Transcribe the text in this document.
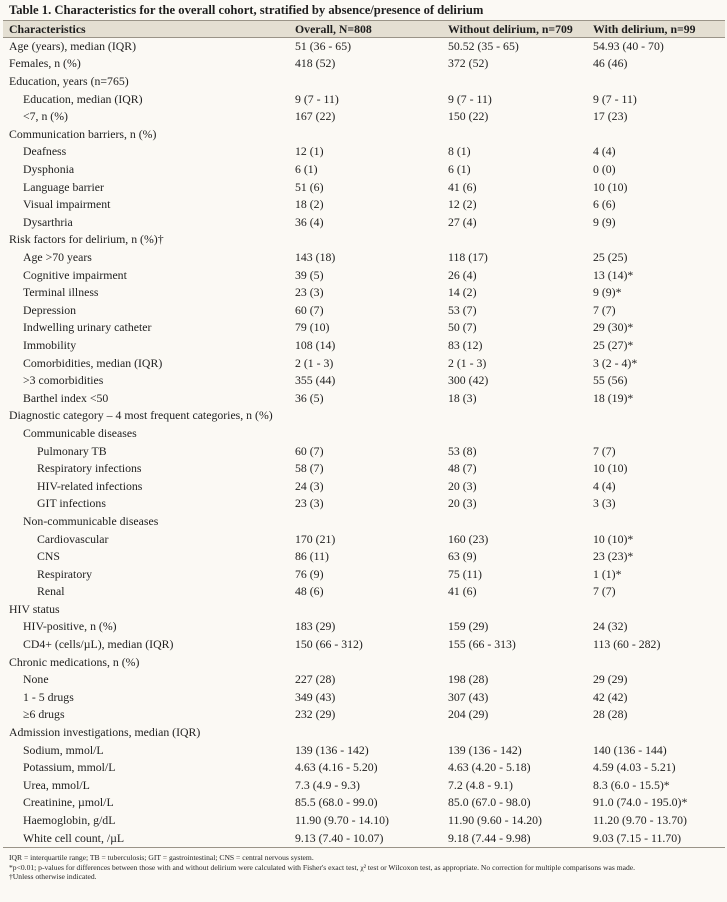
Table 1. Characteristics for the overall cohort, stratified by absence/presence of delirium
Characteristics	Overall, N=808	Without delirium, n=709	With delirium, n=99
Age (years), median (IQR)	51 (36 - 65)	50.52 (35 - 65)	54.93 (40 - 70)
Females, n (%)	418 (52)	372 (52)	46 (46)
Education, years (n=765)			
Education, median (IQR)	9 (7 - 11)	9 (7 - 11)	9 (7 - 11)
<7, n (%)	167 (22)	150 (22)	17 (23)
Communication barriers, n (%)			
Deafness	12 (1)	8 (1)	4 (4)
Dysphonia	6 (1)	6 (1)	0 (0)
Language barrier	51 (6)	41 (6)	10 (10)
Visual impairment	18 (2)	12 (2)	6 (6)
Dysarthria	36 (4)	27 (4)	9 (9)
Risk factors for delirium, n (%)†			
Age >70 years	143 (18)	118 (17)	25 (25)
Cognitive impairment	39 (5)	26 (4)	13 (14)*
Terminal illness	23 (3)	14 (2)	9 (9)*
Depression	60 (7)	53 (7)	7 (7)
Indwelling urinary catheter	79 (10)	50 (7)	29 (30)*
Immobility	108 (14)	83 (12)	25 (27)*
Comorbidities, median (IQR)	2 (1 - 3)	2 (1 - 3)	3 (2 - 4)*
>3 comorbidities	355 (44)	300 (42)	55 (56)
Barthel index <50	36 (5)	18 (3)	18 (19)*
Diagnostic category – 4 most frequent categories, n (%)			
Communicable diseases			
Pulmonary TB	60 (7)	53 (8)	7 (7)
Respiratory infections	58 (7)	48 (7)	10 (10)
HIV-related infections	24 (3)	20 (3)	4 (4)
GIT infections	23 (3)	20 (3)	3 (3)
Non-communicable diseases			
Cardiovascular	170 (21)	160 (23)	10 (10)*
CNS	86 (11)	63 (9)	23 (23)*
Respiratory	76 (9)	75 (11)	1 (1)*
Renal	48 (6)	41 (6)	7 (7)
HIV status			
HIV-positive, n (%)	183 (29)	159 (29)	24 (32)
CD4+ (cells/µL), median (IQR)	150 (66 - 312)	155 (66 - 313)	113 (60 - 282)
Chronic medications, n (%)			
None	227 (28)	198 (28)	29 (29)
1 - 5 drugs	349 (43)	307 (43)	42 (42)
≥6 drugs	232 (29)	204 (29)	28 (28)
Admission investigations, median (IQR)			
Sodium, mmol/L	139 (136 - 142)	139 (136 - 142)	140 (136 - 144)
Potassium, mmol/L	4.63 (4.16 - 5.20)	4.63 (4.20 - 5.18)	4.59 (4.03 - 5.21)
Urea, mmol/L	7.3 (4.9 - 9.3)	7.2 (4.8 - 9.1)	8.3 (6.0 - 15.5)*
Creatinine, µmol/L	85.5 (68.0 - 99.0)	85.0 (67.0 - 98.0)	91.0 (74.0 - 195.0)*
Haemoglobin, g/dL	11.90 (9.70 - 14.10)	11.90 (9.60 - 14.20)	11.20 (9.70 - 13.70)
White cell count, /µL	9.13 (7.40 - 10.07)	9.18 (7.44 - 9.98)	9.03 (7.15 - 11.70)
IQR = interquartile range; TB = tuberculosis; GIT = gastrointestinal; CNS = central nervous system.
*p<0.01; p-values for differences between those with and without delirium were calculated with Fisher's exact test, χ² test or Wilcoxon test, as appropriate. No correction for multiple comparisons was made.
†Unless otherwise indicated.
